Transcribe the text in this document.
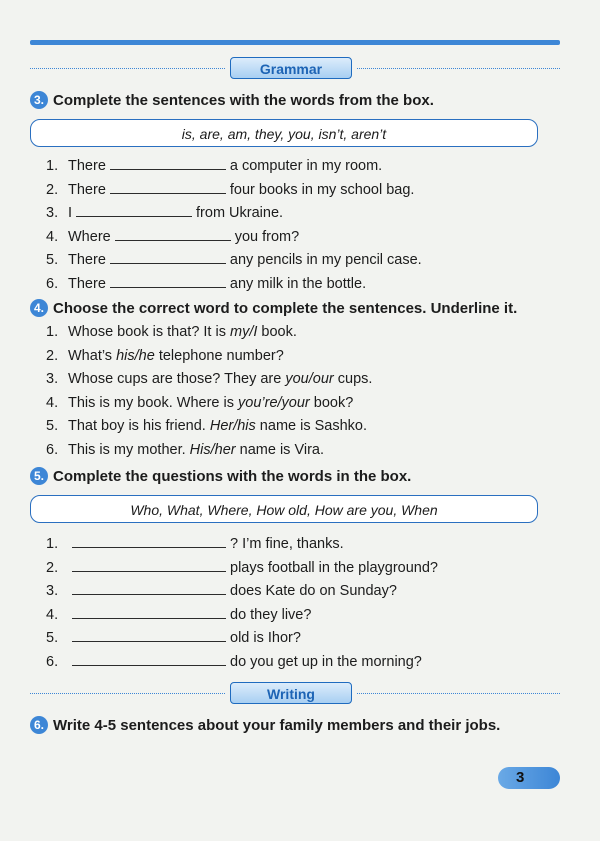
Grammar
3. Complete the sentences with the words from the box.
is, are, am, they, you, isn’t, aren’t
1. There	a computer in my room.
2. There	four books in my school bag.
3. I	from Ukraine.
4. Where	you from?
5. There	any pencils in my pencil case.
6. There	any milk in the bottle.
4. Choose the correct word to complete the sentences. Underline it.
1. Whose book is that? It is my/I book.
2. What’s his/he telephone number?
3. Whose cups are those? They are you/our cups.
4. This is my book. Where is you’re/your book?
5. That boy is his friend. Her/his name is Sashko.
6. This is my mother. His/her name is Vira.
5. Complete the questions with the words in the box.
Who, What, Where, How old, How are you, When
1.	? I’m fine, thanks.
2.	plays football in the playground?
3.	does Kate do on Sunday?
4.	do they live?
5.	old is Ihor?
6.	do you get up in the morning?
Writing
6. Write 4-5 sentences about your family members and their jobs.
3
